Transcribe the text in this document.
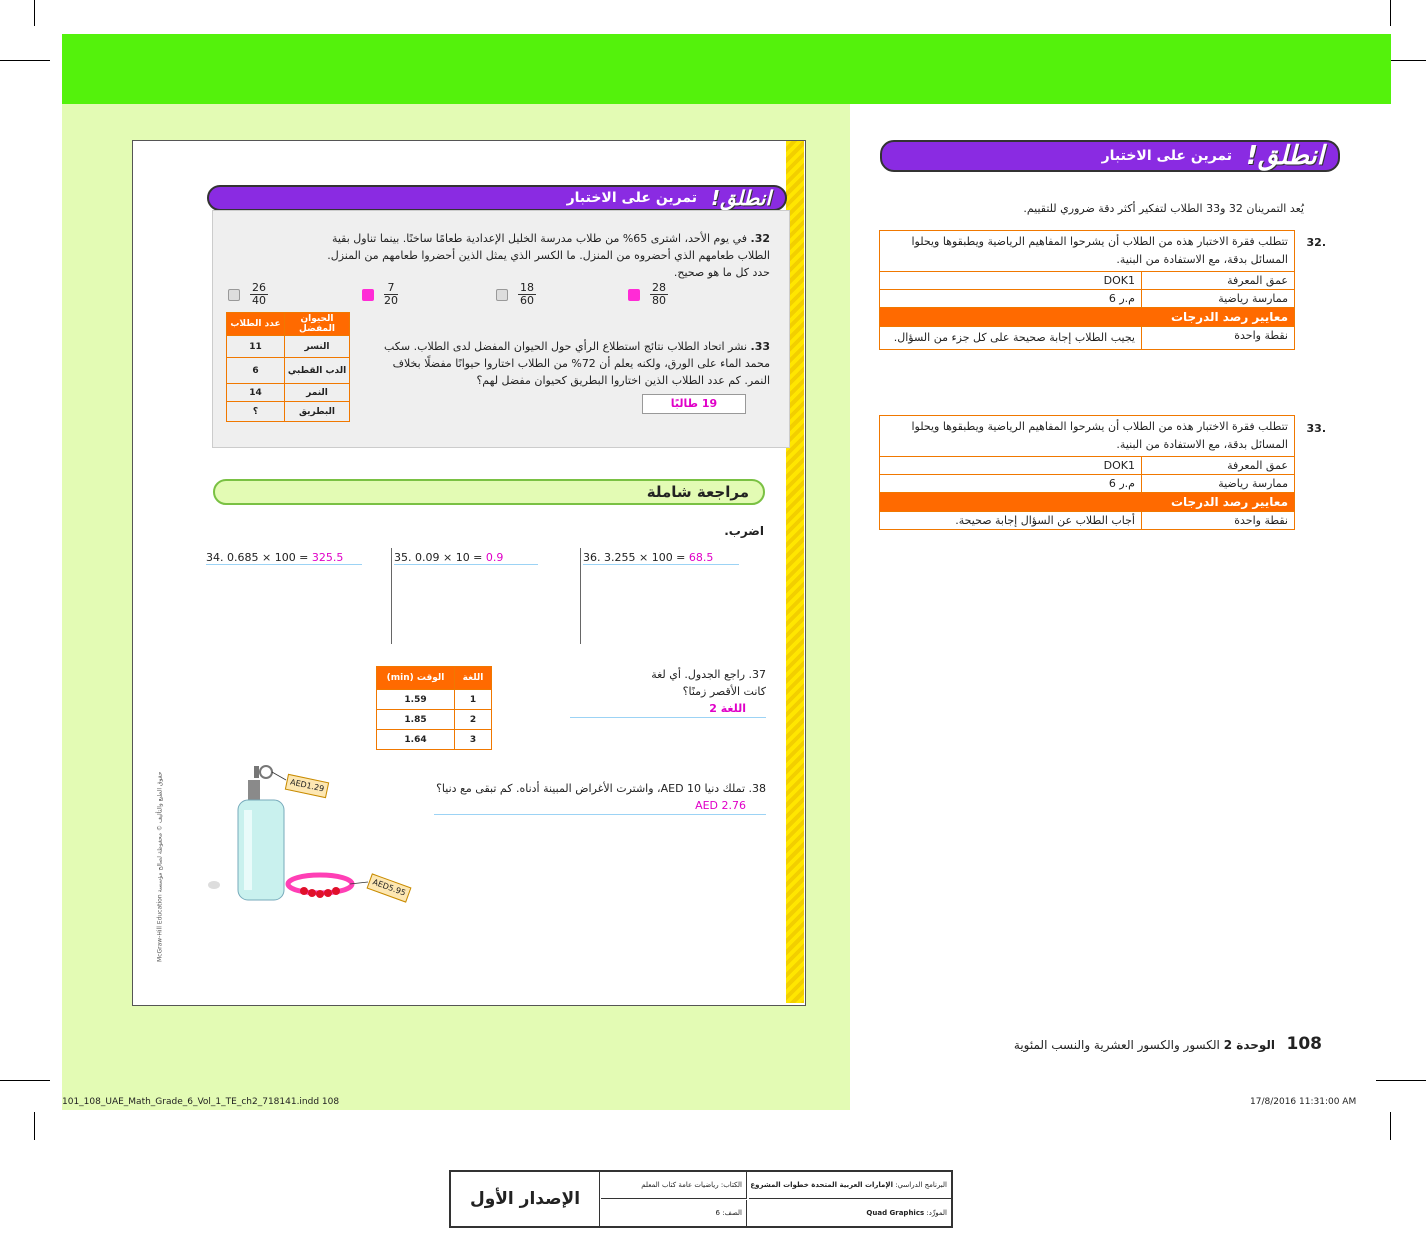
انطلق!
تمرين على الاختبار
32. في يوم الأحد، اشترى 65% من طلاب مدرسة الخليل الإعدادية طعامًا ساخنًا. بينما تناول بقية الطلاب طعامهم الذي أحضروه من المنزل. ما الكسر الذي يمثل الذين أحضروا طعامهم من المنزل. حدد كل ما هو صحيح.
$\frac{28}{80}$
$\frac{18}{60}$
$\frac{7}{20}$
$\frac{26}{40}$
الحيوان المفضل	عدد الطلاب
النسر	11
الدب القطبي	6
النمر	14
البطريق	؟
33. نشر اتحاد الطلاب نتائج استطلاع الرأي حول الحيوان المفضل لدى الطلاب. سكب محمد الماء على الورق، ولكنه يعلم أن 72% من الطلاب اختاروا حيوانًا مفضلًا بخلاف النمر. كم عدد الطلاب الذين اختاروا البطريق كحيوان مفضل لهم؟
19 طالبًا
مراجعة شاملة
اضرب.
34. 0.685 × 100 = 325.5	35. 0.09 × 10 = 0.9	36. 3.255 × 100 = 68.5
اللغة	الوقت (min)
1	1.59
2	1.85
3	1.64
37. راجع الجدول. أي لغة
كانت الأقصر زمنًا؟
اللغة 2
38. تملك دنيا AED 10، واشترت الأغراض المبينة أدناه. كم تبقى مع دنيا؟
AED 2.76
AED1.29
AED5.95
حقوق الطبع والتأليف © محفوظة لصالح مؤسسة McGraw-Hill Education
انطلق!
تمرين على الاختبار
يُعد التمرينان 32 و33 الطلاب لتفكير أكثر دقة ضروري للتقييم.
.32
تتطلب فقرة الاختبار هذه من الطلاب أن يشرحوا المفاهيم الرياضية ويطبقوها ويحلوا المسائل بدقة، مع الاستفادة من البنية.	
عمق المعرفة	DOK1
ممارسة رياضية	م.ر 6
معايير رصد الدرجات	
نقطة واحدة	يجيب الطلاب إجابة صحيحة على كل جزء من السؤال.
.33
تتطلب فقرة الاختبار هذه من الطلاب أن يشرحوا المفاهيم الرياضية ويطبقوها ويحلوا المسائل بدقة، مع الاستفادة من البنية.	
عمق المعرفة	DOK1
ممارسة رياضية	م.ر 6
معايير رصد الدرجات	
نقطة واحدة	أجاب الطلاب عن السؤال إجابة صحيحة.
108   الوحدة 2 الكسور والكسور العشرية والنسب المئوية
101_108_UAE_Math_Grade_6_Vol_1_TE_ch2_718141.indd 108	17/8/2016 11:31:00 AM
الإصدار الأول
الكتاب: رياضيات عامة كتاب المعلم	البرنامج الدراسي: الإمارات العربية المتحدة خطوات المشروع
الصف: 6	المورِّد: Quad Graphics
